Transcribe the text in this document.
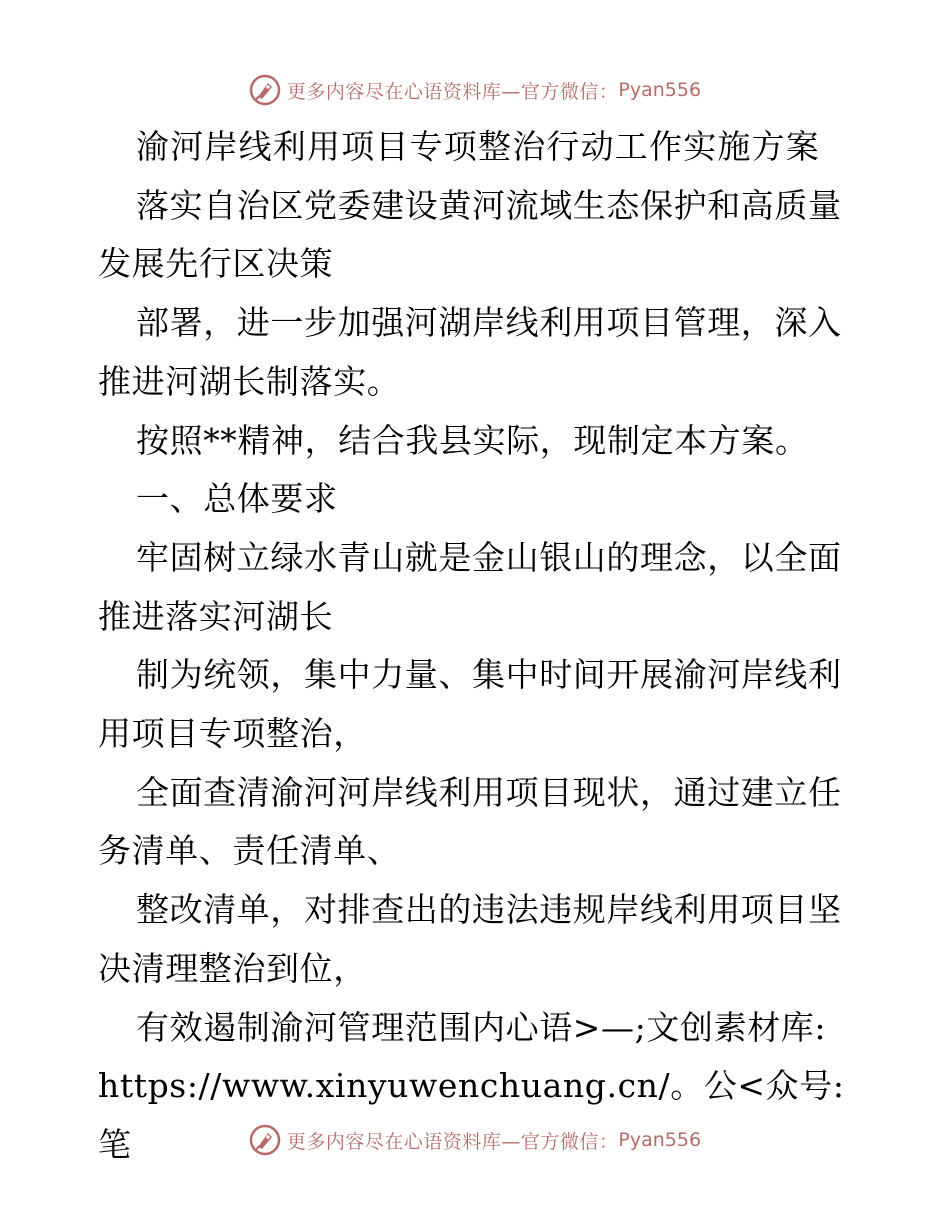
更多内容尽在心语资料库—官方微信： Pyan556

渝河岸线利用项目专项整治行动工作实施方案

落实自治区党委建设黄河流域生态保护和高质量发展先行区决策

部署，进一步加强河湖岸线利用项目管理，深入推进河湖长制落实。

按照**精神，结合我县实际，现制定本方案。

一、总体要求

牢固树立绿水青山就是金山银山的理念，以全面推进落实河湖长

制为统领，集中力量、集中时间开展渝河岸线利用项目专项整治，

全面查清渝河河岸线利用项目现状，通过建立任务清单、责任清单、

整改清单，对排查出的违法违规岸线利用项目坚决清理整治到位，

有效遏制渝河管理范围内心语>—;文创素材库: https://www.xinyuwenchuang.cn/。公<众号: 笔	更多内容尽在心语资料库—官方微信： Pyan556
